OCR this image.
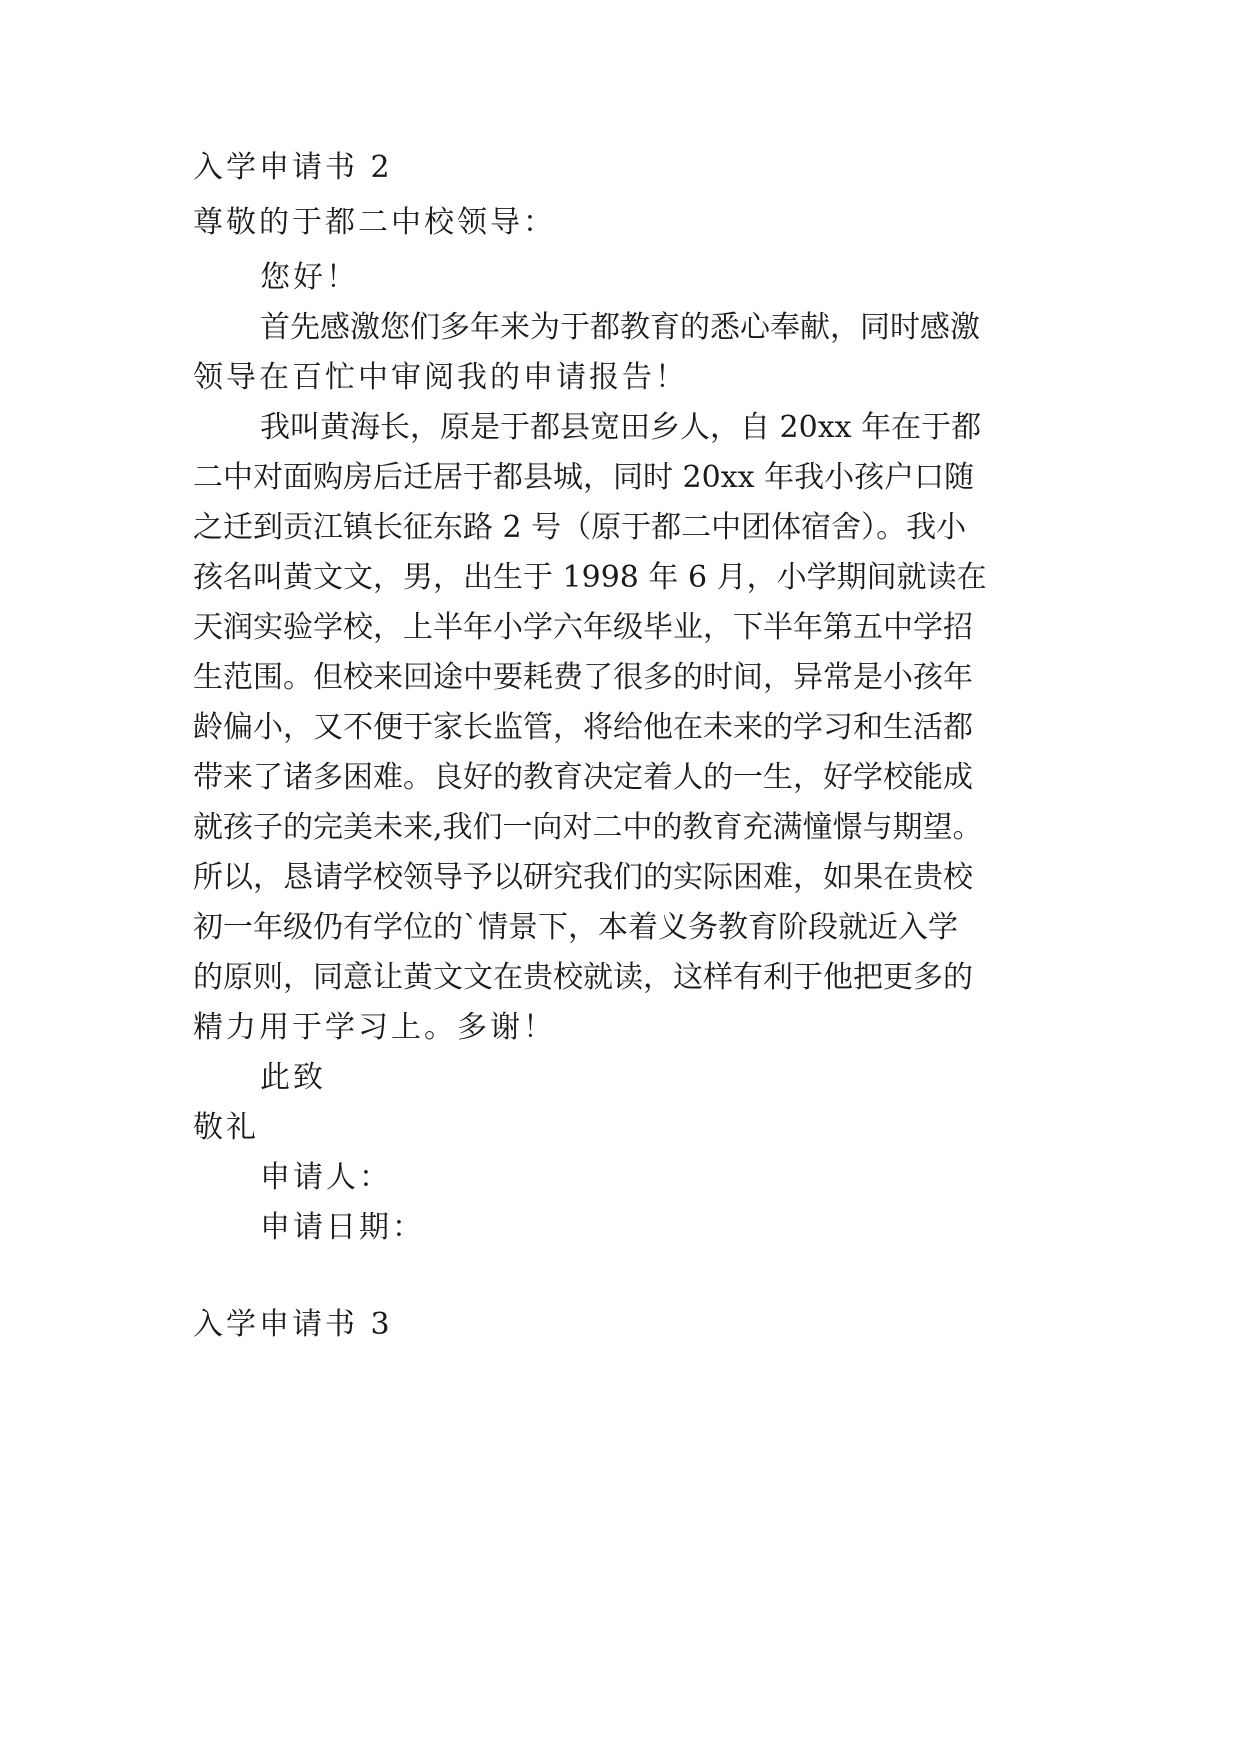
入学申请书 2
尊敬的于都二中校领导：
您好！
首先感激您们多年来为于都教育的悉心奉献，同时感激
领导在百忙中审阅我的申请报告！
我叫黄海长，原是于都县宽田乡人，自 20xx 年在于都
二中对面购房后迁居于都县城，同时 20xx 年我小孩户口随
之迁到贡江镇长征东路 2 号（原于都二中团体宿舍）。我小
孩名叫黄文文，男，出生于 1998 年 6 月，小学期间就读在
天润实验学校，上半年小学六年级毕业，下半年第五中学招
生范围。但校来回途中要耗费了很多的时间，异常是小孩年
龄偏小，又不便于家长监管，将给他在未来的学习和生活都
带来了诸多困难。良好的教育决定着人的一生，好学校能成
就孩子的完美未来,我们一向对二中的教育充满憧憬与期望。
所以，恳请学校领导予以研究我们的实际困难，如果在贵校
初一年级仍有学位的`情景下，本着义务教育阶段就近入学
的原则，同意让黄文文在贵校就读，这样有利于他把更多的
精力用于学习上。多谢！
此致
敬礼
申请人：
申请日期：
入学申请书 3
